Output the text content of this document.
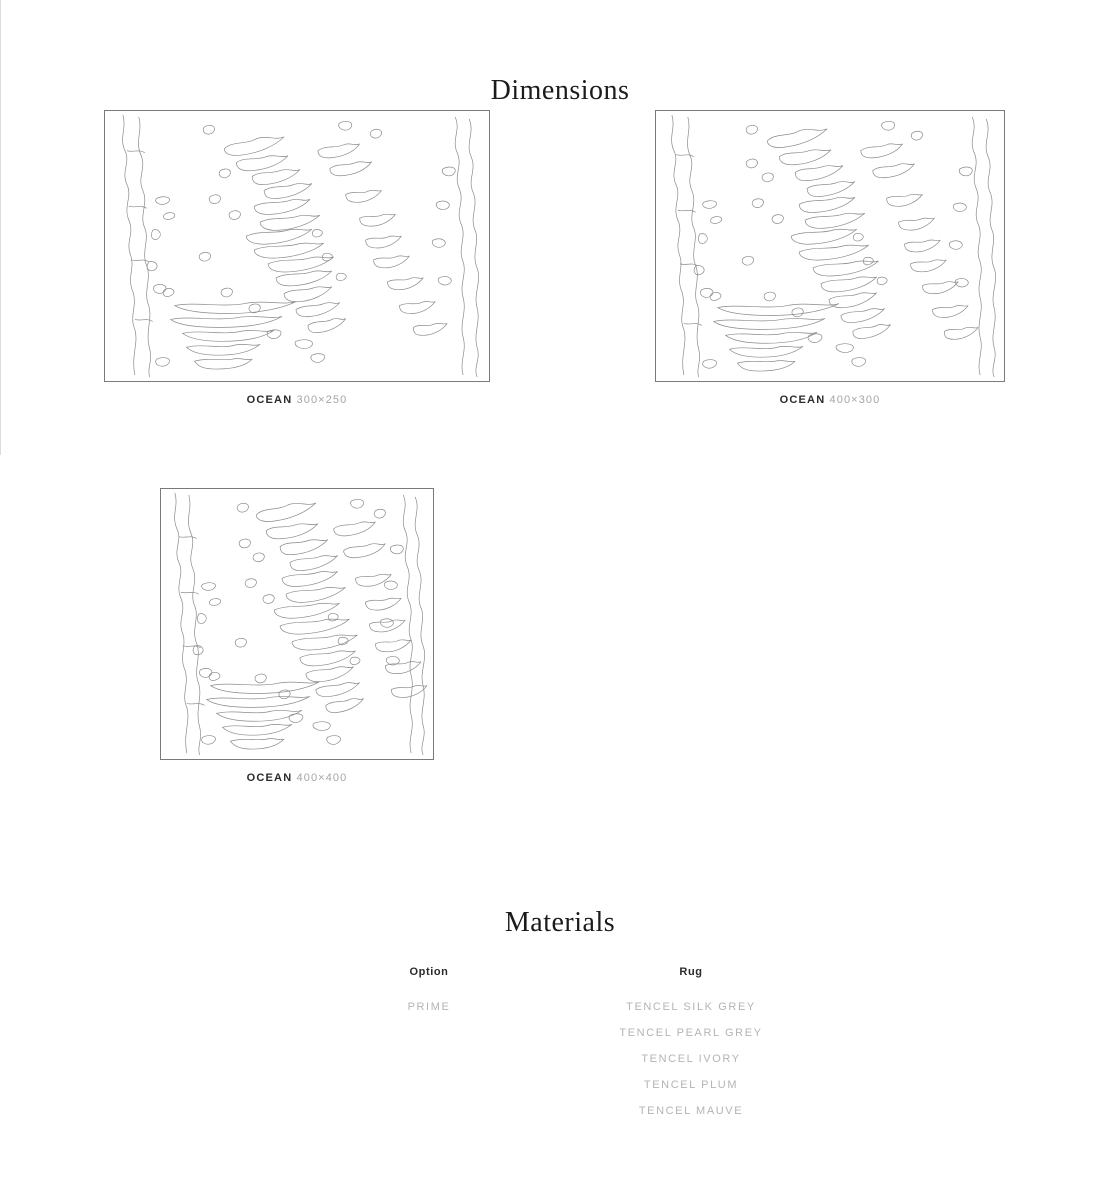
Dimensions
OCEAN 300×250	OCEAN 400×300
OCEAN 400×400
Materials
Option
PRIME
Rug
TENCEL SILK GREY
TENCEL PEARL GREY
TENCEL IVORY
TENCEL PLUM
TENCEL MAUVE
